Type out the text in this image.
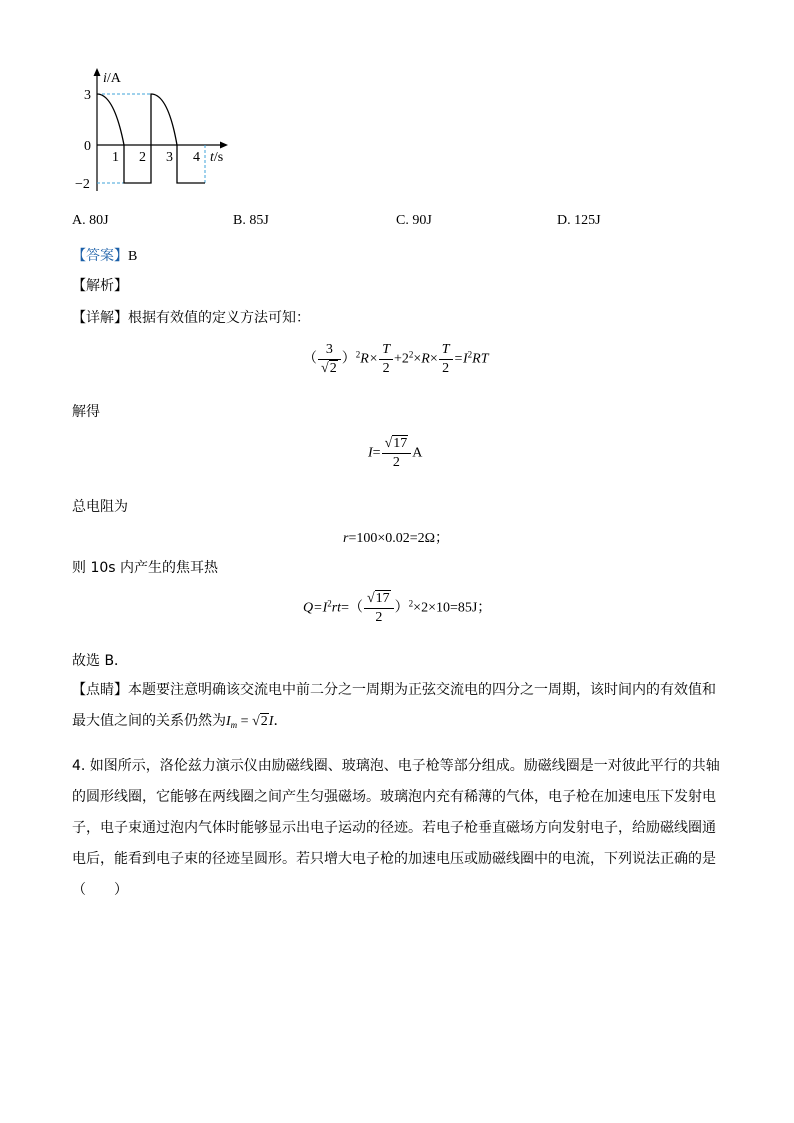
i/A
3
0
−2
1 2 3 4 t/s
A. 80J	B. 85J	C. 90J	D. 125J
【答案】B
【解析】
【详解】根据有效值的定义方法可知：
（ $\frac{3}{√2} )^2R\times \frac{T}{2} +2^2\times R\times \frac{T}{2} =I^2RT$
解得
$I= \frac{√17}{2}$ A
总电阻为
r=100×0.02=2Ω；
则 10s 内产生的焦耳热
$Q=I^2rt=( \frac{√17}{2} )^2\times 2\times 10=85J$；
故选 B．
【点睛】本题要注意明确该交流电中前二分之一周期为正弦交流电的四分之一周期，该时间内的有效值和
最大值之间的关系仍然为$I_m = √2I$．
4. 如图所示，洛伦兹力演示仪由励磁线圈、玻璃泡、电子枪等部分组成。励磁线圈是一对彼此平行的共轴
的圆形线圈，它能够在两线圈之间产生匀强磁场。玻璃泡内充有稀薄的气体，电子枪在加速电压下发射电
子，电子束通过泡内气体时能够显示出电子运动的径迹。若电子枪垂直磁场方向发射电子，给励磁线圈通
电后，能看到电子束的径迹呈圆形。若只增大电子枪的加速电压或励磁线圈中的电流，下列说法正确的是
（　　）
